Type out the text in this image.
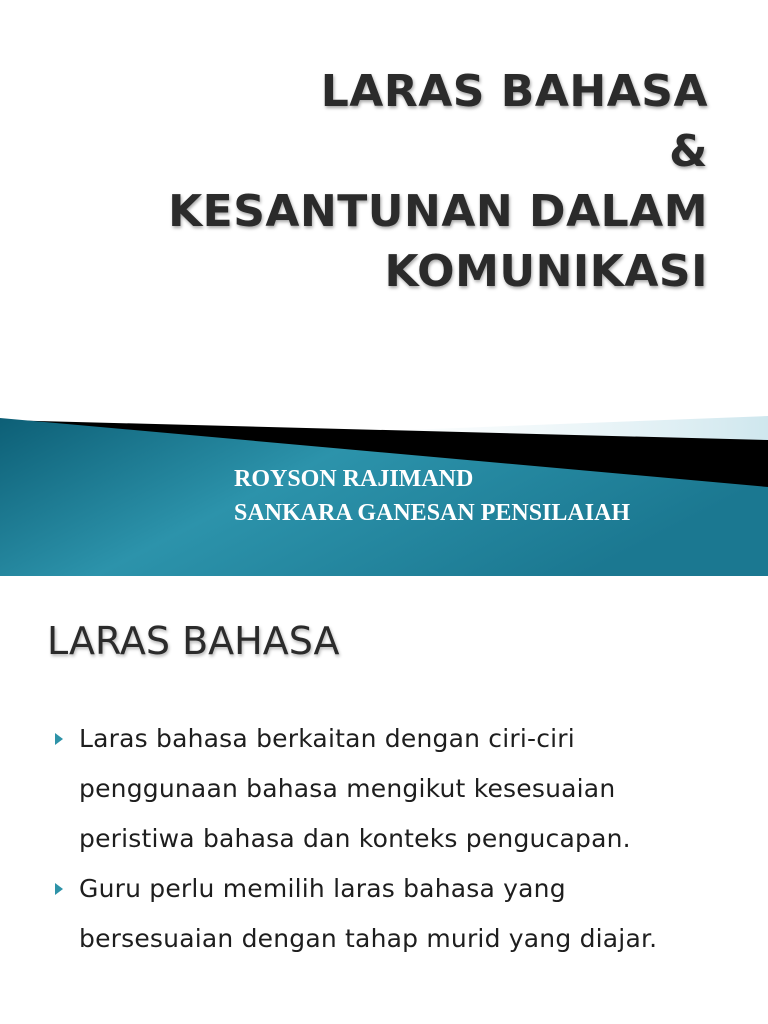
LARAS BAHASA
&
KESANTUNAN DALAM
KOMUNIKASI
ROYSON RAJIMAND
SANKARA GANESAN PENSILAIAH
LARAS BAHASA
Laras bahasa berkaitan dengan ciri-ciri
penggunaan bahasa mengikut kesesuaian
peristiwa bahasa dan konteks pengucapan.
Guru perlu memilih laras bahasa yang
bersesuaian dengan tahap murid yang diajar.
